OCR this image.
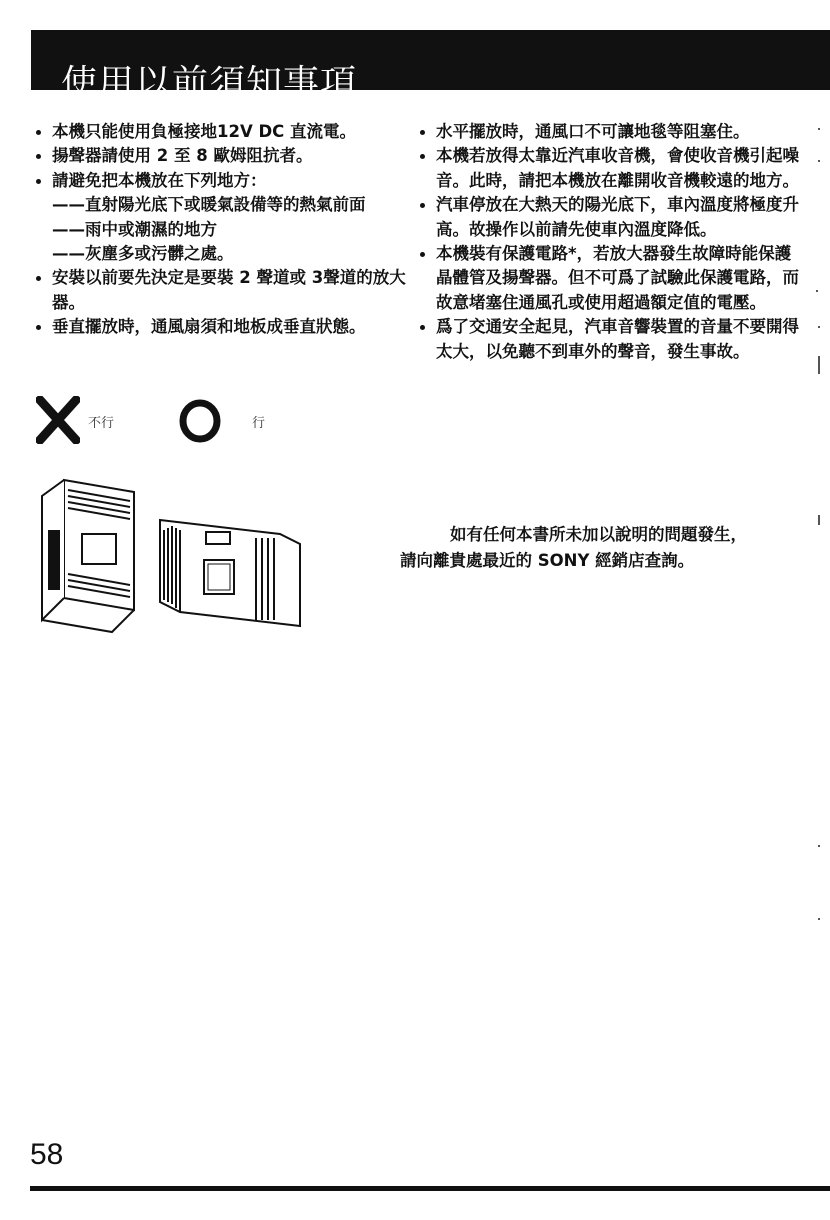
使用以前須知事項

本機只能使用負極接地12V DC 直流電。

揚聲器請使用 2 至 8 歐姆阻抗者。

請避免把本機放在下列地方：

——直射陽光底下或暖氣設備等的熱氣前面
——雨中或潮濕的地方
——灰塵多或污髒之處。

安裝以前要先決定是要裝 2 聲道或 3聲道的放大器。

垂直擺放時，通風扇須和地板成垂直狀態。

不行	行

水平擺放時，通風口不可讓地毯等阻塞住。

本機若放得太靠近汽車收音機，會使收音機引起噪音。此時，請把本機放在離開收音機較遠的地方。

汽車停放在大熱天的陽光底下，車內溫度將極度升高。故操作以前請先使車內溫度降低。

本機裝有保護電路*，若放大器發生故障時能保護晶體管及揚聲器。但不可爲了試驗此保護電路，而故意堵塞住通風孔或使用超過額定值的電壓。

爲了交通安全起見，汽車音響裝置的音量不要開得太大，以免聽不到車外的聲音，發生事故。

如有任何本書所未加以說明的問題發生，
請向離貴處最近的 SONY 經銷店查詢。
58
